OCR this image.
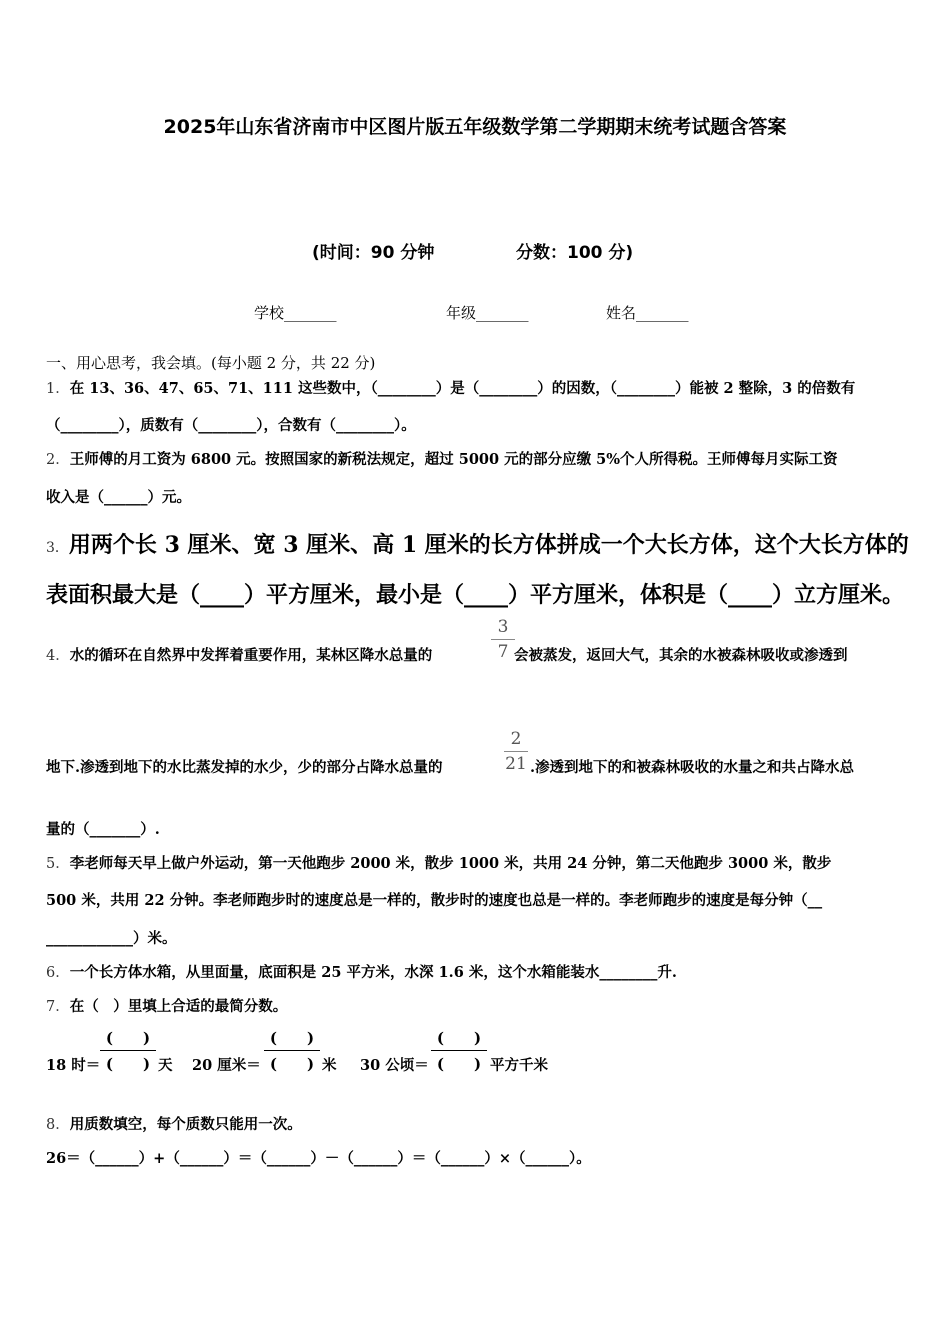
2025年山东省济南市中区图片版五年级数学第二学期期末统考试题含答案
(时间：90 分钟	分数：100 分)
学校_______	年级_______	姓名_______
一、用心思考，我会填。(每小题 2 分，共 22 分)
1．在 13、36、47、65、71、111 这些数中，（________）是（________）的因数，（________）能被 2 整除，3 的倍数有
（________），质数有（________），合数有（________）。
2．王师傅的月工资为 6800 元。按照国家的新税法规定，超过 5000 元的部分应缴 5%个人所得税。王师傅每月实际工资
收入是（______）元。
3．用两个长 3 厘米、宽 3 厘米、高 1 厘米的长方体拼成一个大长方体，这个大长方体的
表面积最大是（____）平方厘米，最小是（____）平方厘米，体积是（____）立方厘米。
4．水的循环在自然界中发挥着重要作用，某林区降水总量的
3
7 会被蒸发，返回大气，其余的水被森林吸收或渗透到
地下.渗透到地下的水比蒸发掉的水少，少的部分占降水总量的
2
21 .渗透到地下的和被森林吸收的水量之和共占降水总
量的（_______）.
5．李老师每天早上做户外运动，第一天他跑步 2000 米，散步 1000 米，共用 24 分钟，第二天他跑步 3000 米，散步
500 米，共用 22 分钟。李老师跑步时的速度总是一样的，散步时的速度也总是一样的。李老师跑步的速度是每分钟（__
____________）米。
6．一个长方体水箱，从里面量，底面积是 25 平方米，水深 1.6 米，这个水箱能装水________升.
7．在（　）里填上合适的最简分数。
18 时＝
(　　)
(　　) 天 20 厘米＝
(　　)
(　　) 米 30 公顷＝
(　　)
(　　) 平方千米
8．用质数填空，每个质数只能用一次。
26＝（______）+（______）＝（______）－（______）＝（______）×（______）。
